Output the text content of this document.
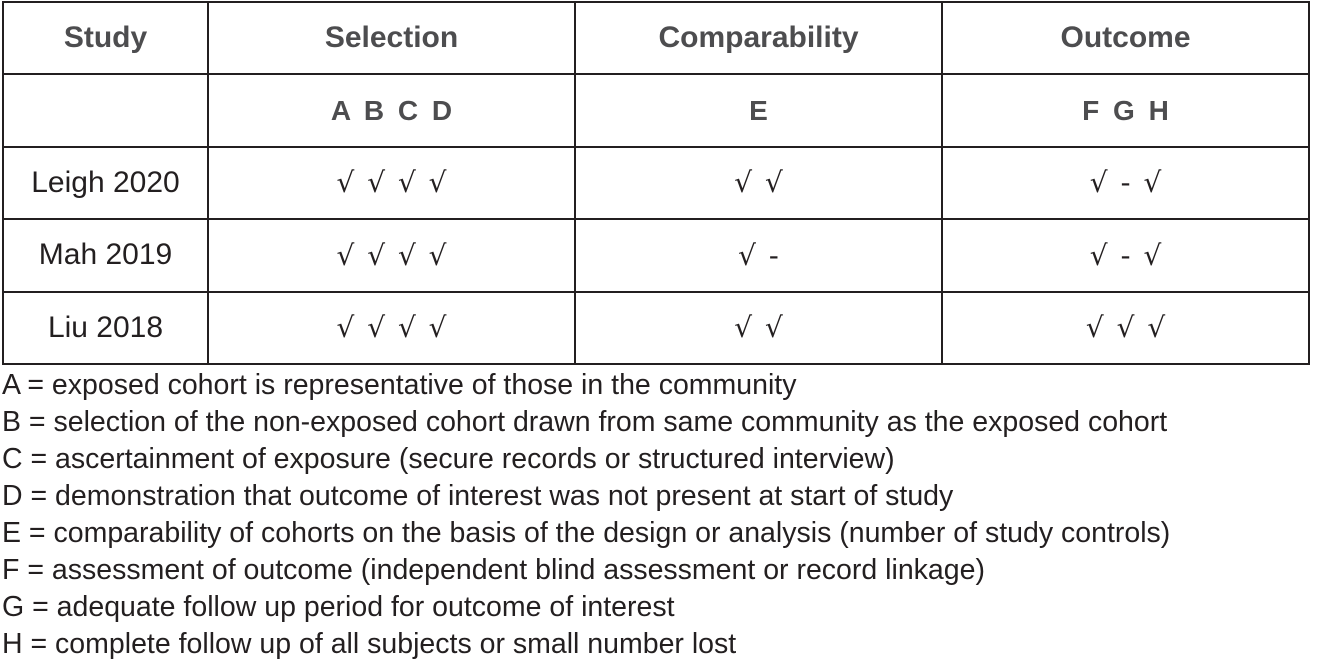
Study	Selection	Comparability	Outcome
	A B C D	E	F G H
Leigh 2020	√ √ √ √	√ √	√ - √
Mah 2019	√ √ √ √	√ -	√ - √
Liu 2018	√ √ √ √	√ √	√ √ √
A = exposed cohort is representative of those in the community
B = selection of the non-exposed cohort drawn from same community as the exposed cohort
C = ascertainment of exposure (secure records or structured interview)
D = demonstration that outcome of interest was not present at start of study
E = comparability of cohorts on the basis of the design or analysis (number of study controls)
F = assessment of outcome (independent blind assessment or record linkage)
G = adequate follow up period for outcome of interest
H = complete follow up of all subjects or small number lost
